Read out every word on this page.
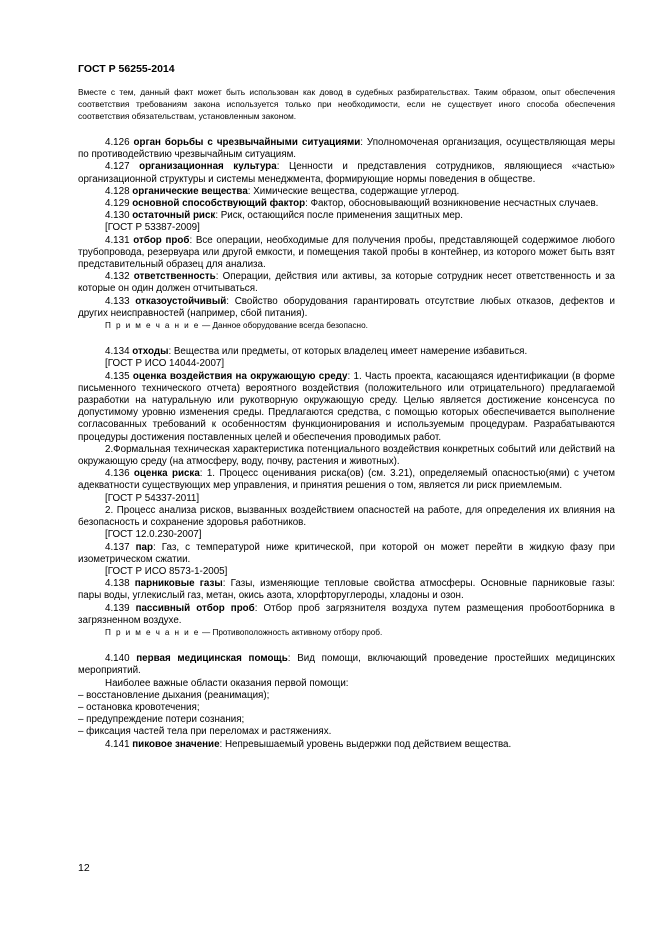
ГОСТ Р 56255-2014
Вместе с тем, данный факт может быть использован как довод в судебных разбирательствах. Таким образом, опыт обеспечения соответствия требованиям закона используется только при необходимости, если не существует иного способа обеспечения соответствия обязательствам, установленным законом.

4.126 орган борьбы с чрезвычайными ситуациями: Уполномоченая организация, осуществляющая меры по противодействию чрезвычайным ситуациям.

4.127 организационная культура: Ценности и представления сотрудников, являющиеся «частью» организационной структуры и системы менеджмента, формирующие нормы поведения в обществе.

4.128 органические вещества: Химические вещества, содержащие углерод.

4.129 основной способствующий фактор: Фактор, обосновывающий возникновение несчастных случаев.

4.130 остаточный риск: Риск, остающийся после применения защитных мер.

[ГОСТ Р 53387-2009]

4.131 отбор проб: Все операции, необходимые для получения пробы, представляющей содержимое любого трубопровода, резервуара или другой емкости, и помещения такой пробы в контейнер, из которого может быть взят представительный образец для анализа.

4.132 ответственность: Операции, действия или активы, за которые сотрудник несет ответственность и за которые он один должен отчитываться.

4.133 отказоустойчивый: Свойство оборудования гарантировать отсутствие любых отказов, дефектов и других неисправностей (например, сбой питания).

П р и м е ч а н и е — Данное оборудование всегда безопасно.

4.134 отходы: Вещества или предметы, от которых владелец имеет намерение избавиться.

[ГОСТ Р ИСО 14044-2007]

4.135 оценка воздействия на окружающую среду: 1. Часть проекта, касающаяся идентификации (в форме письменного технического отчета) вероятного воздействия (положительного или отрицательного) предлагаемой разработки на натуральную или рукотворную окружающую среду. Целью является достижение консенсуса по допустимому уровню изменения среды. Предлагаются средства, с помощью которых обеспечивается выполнение согласованных требований к особенностям функционирования и используемым процедурам. Разрабатываются процедуры достижения поставленных целей и обеспечения проводимых работ.

2.Формальная техническая характеристика потенциального воздействия конкретных событий или действий на окружающую среду (на атмосферу, воду, почву, растения и животных).

4.136 оценка риска: 1. Процесс оценивания риска(ов) (см. 3.21), определяемый опасностью(ями) с учетом адекватности существующих мер управления, и принятия решения о том, является ли риск приемлемым.

[ГОСТ Р 54337-2011]

2. Процесс анализа рисков, вызванных воздействием опасностей на работе, для определения их влияния на безопасность и сохранение здоровья работников.

[ГОСТ 12.0.230-2007]

4.137 пар: Газ, с температурой ниже критической, при которой он может перейти в жидкую фазу при изометрическом сжатии.

[ГОСТ Р ИСО 8573-1-2005]

4.138 парниковые газы: Газы, изменяющие тепловые свойства атмосферы. Основные парниковые газы: пары воды, углекислый газ, метан, окись азота, хлорфторуглероды, хладоны и озон.

4.139 пассивный отбор проб: Отбор проб загрязнителя воздуха путем размещения пробоотборника в загрязненном воздухе.

П р и м е ч а н и е — Противоположность активному отбору проб.

4.140 первая медицинская помощь: Вид помощи, включающий проведение простейших медицинских мероприятий.

Наиболее важные области оказания первой помощи:

– восстановление дыхания (реанимация);

– остановка кровотечения;

– предупреждение потери сознания;

– фиксация частей тела при переломах и растяжениях.

4.141 пиковое значение: Непревышаемый уровень выдержки под действием вещества.

12
